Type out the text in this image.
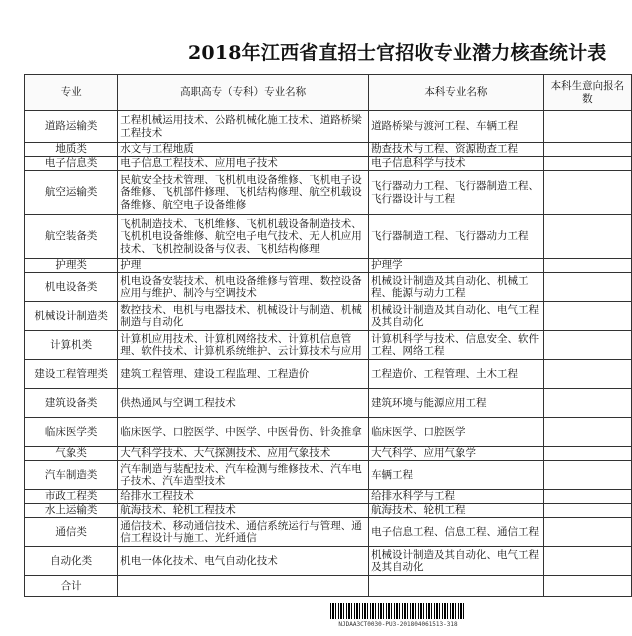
2018年江西省直招士官招收专业潜力核查统计表
专业	高职高专（专科）专业名称	本科专业名称	本科生意向报名数
道路运输类	工程机械运用技术、公路机械化施工技术、道路桥梁工程技术	道路桥梁与渡河工程、车辆工程	
地质类	水文与工程地质	勘查技术与工程、资源勘查工程	
电子信息类	电子信息工程技术、应用电子技术	电子信息科学与技术	
航空运输类	民航安全技术管理、飞机机电设备维修、飞机电子设备维修、飞机部件修理、飞机结构修理、航空机载设备维修、航空电子设备维修	飞行器动力工程、飞行器制造工程、飞行器设计与工程	
航空装备类	飞机制造技术、飞机维修、飞机机载设备制造技术、飞机机电设备维修、航空电子电气技术、无人机应用技术、飞机控制设备与仪表、飞机结构修理	飞行器制造工程、飞行器动力工程	
护理类	护理	护理学	
机电设备类	机电设备安装技术、机电设备维修与管理、数控设备应用与维护、制冷与空调技术	机械设计制造及其自动化、机械工程、能源与动力工程	
机械设计制造类	数控技术、电机与电器技术、机械设计与制造、机械制造与自动化	机械设计制造及其自动化、电气工程及其自动化	
计算机类	计算机应用技术、计算机网络技术、计算机信息管理、软件技术、计算机系统维护、云计算技术与应用	计算机科学与技术、信息安全、软件工程、网络工程	
建设工程管理类	建筑工程管理、建设工程监理、工程造价	工程造价、工程管理、土木工程	
建筑设备类	供热通风与空调工程技术	建筑环境与能源应用工程	
临床医学类	临床医学、口腔医学、中医学、中医骨伤、针灸推拿	临床医学、口腔医学	
气象类	大气科学技术、大气探测技术、应用气象技术	大气科学、应用气象学	
汽车制造类	汽车制造与装配技术、汽车检测与维修技术、汽车电子技术、汽车造型技术	车辆工程	
市政工程类	给排水工程技术	给排水科学与工程	
水上运输类	航海技术、轮机工程技术	航海技术、轮机工程	
通信类	通信技术、移动通信技术、通信系统运行与管理、通信工程设计与施工、光纤通信	电子信息工程、信息工程、通信工程	
自动化类	机电一体化技术、电气自动化技术	机械设计制造及其自动化、电气工程及其自动化	
合计			
NJDAA3CT0030-PU3-201804061513-318
